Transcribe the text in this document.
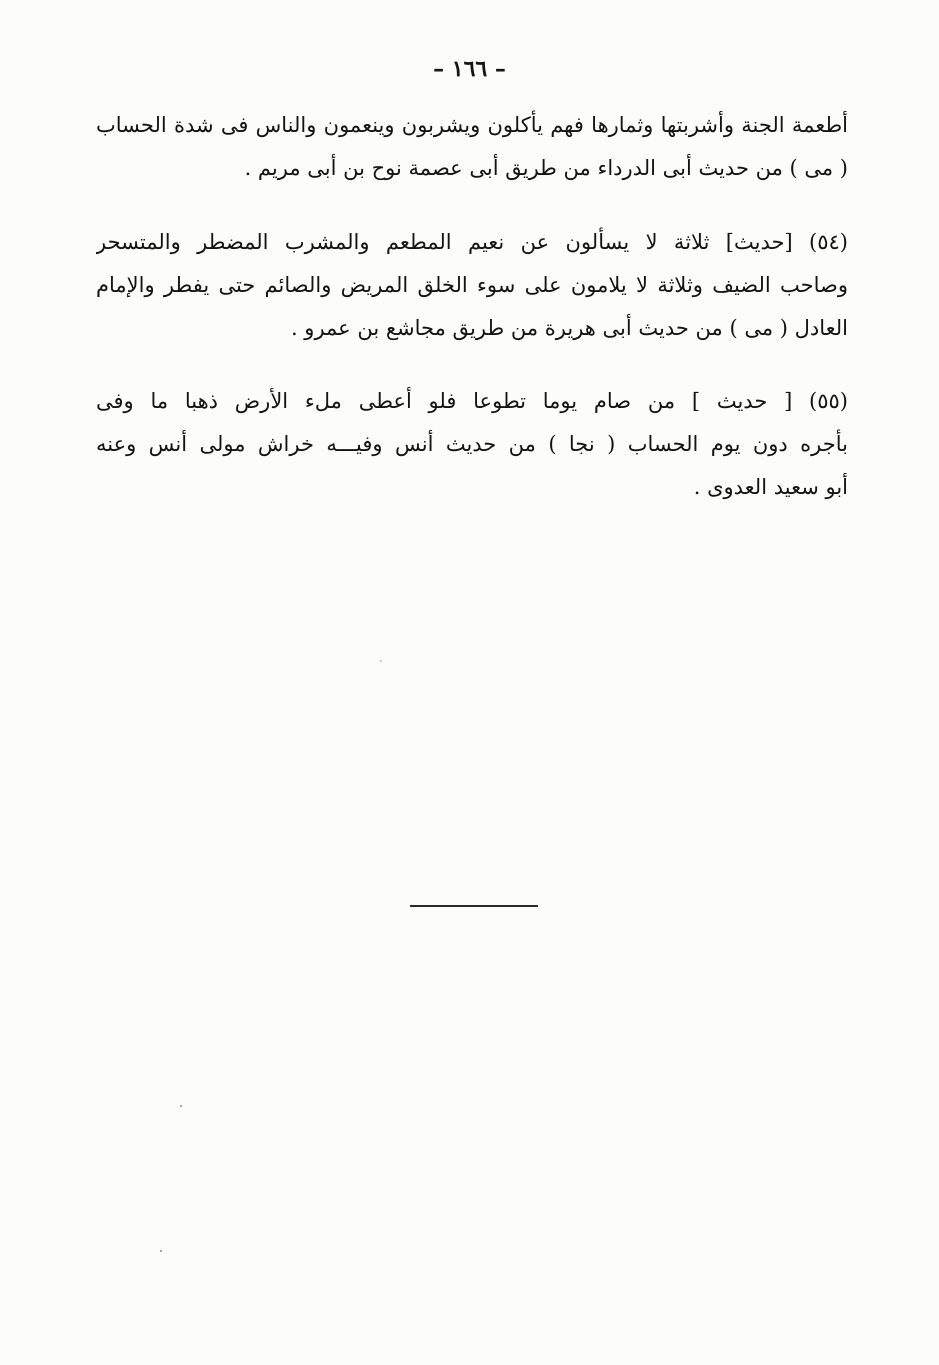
– ١٦٦ –
أطعمة الجنة وأشربتها وثمارها فهم يأكلون ويشربون وينعمون والناس فى شدة الحساب
( مى ) من حديث أبى الدرداء من طريق أبى عصمة نوح بن أبى مريم .
(٥٤) [حديث] ثلاثة لا يسألون عن نعيم المطعم والمشرب المضطر والمتسحر
وصاحب الضيف وثلاثة لا يلامون على سوء الخلق المريض والصائم حتى يفطر والإمام
العادل ( مى ) من حديث أبى هريرة من طريق مجاشع بن عمرو .
(٥٥) [ حديث ] من صام يوما تطوعا فلو أعطى ملء الأرض ذهبا ما وفى
بأجره دون يوم الحساب ( نجا ) من حديث أنس وفيـــه خراش مولى أنس وعنه
أبو سعيد العدوى .
